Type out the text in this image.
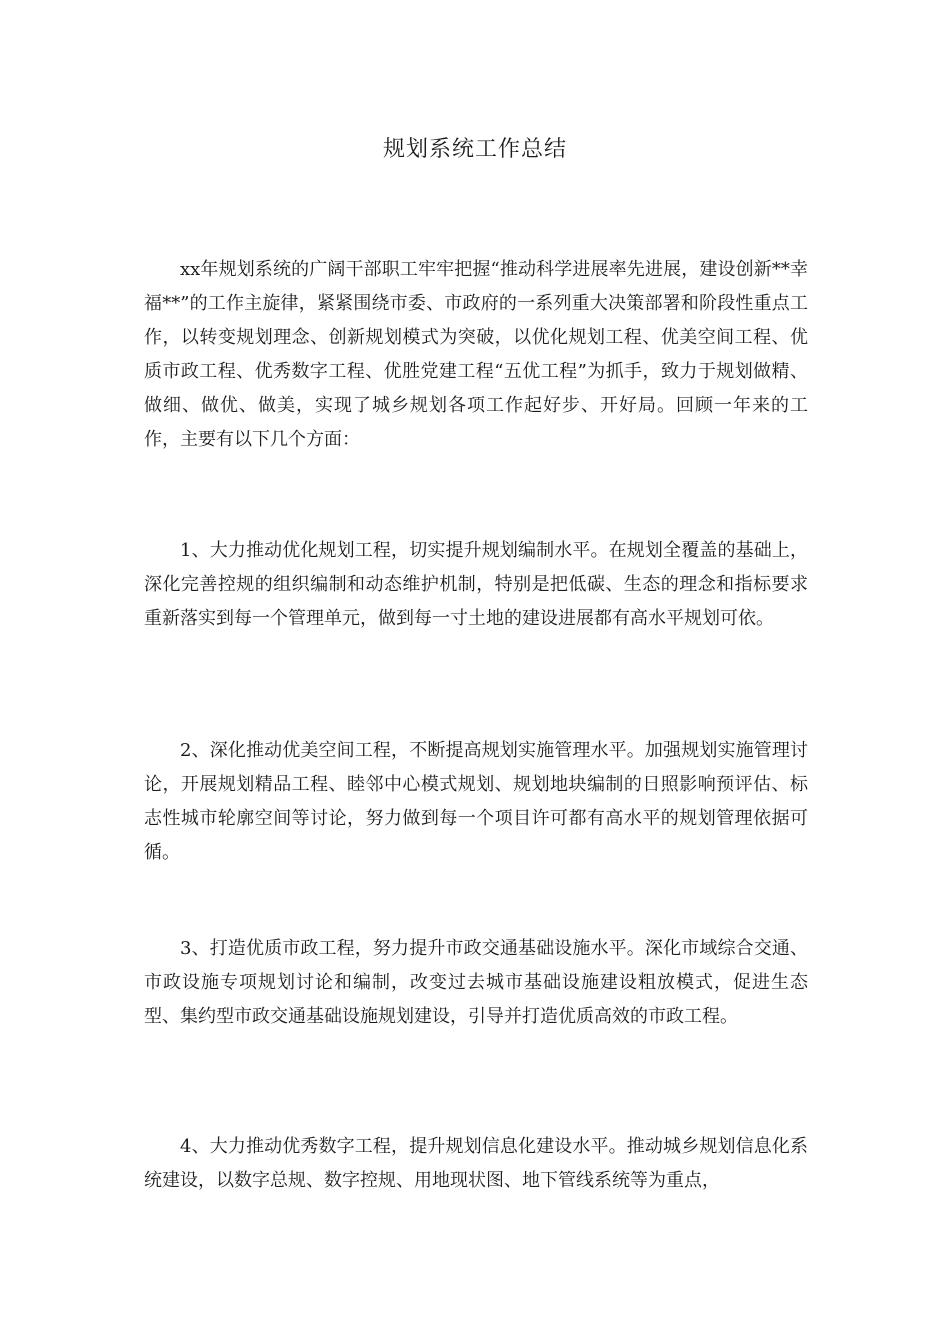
规划系统工作总结

xx年规划系统的广阔干部职工牢牢把握“推动科学进展率先进展，建设创新**幸福**”的工作主旋律，紧紧围绕市委、市政府的一系列重大决策部署和阶段性重点工作，以转变规划理念、创新规划模式为突破，以优化规划工程、优美空间工程、优质市政工程、优秀数字工程、优胜党建工程“五优工程”为抓手，致力于规划做精、做细、做优、做美，实现了城乡规划各项工作起好步、开好局。回顾一年来的工作，主要有以下几个方面：

1、大力推动优化规划工程，切实提升规划编制水平。在规划全覆盖的基础上，深化完善控规的组织编制和动态维护机制，特别是把低碳、生态的理念和指标要求重新落实到每一个管理单元，做到每一寸土地的建设进展都有高水平规划可依。

2、深化推动优美空间工程，不断提高规划实施管理水平。加强规划实施管理讨论，开展规划精品工程、睦邻中心模式规划、规划地块编制的日照影响预评估、标志性城市轮廓空间等讨论，努力做到每一个项目许可都有高水平的规划管理依据可循。

3、打造优质市政工程，努力提升市政交通基础设施水平。深化市域综合交通、市政设施专项规划讨论和编制，改变过去城市基础设施建设粗放模式，促进生态型、集约型市政交通基础设施规划建设，引导并打造优质高效的市政工程。

4、大力推动优秀数字工程，提升规划信息化建设水平。推动城乡规划信息化系统建设，以数字总规、数字控规、用地现状图、地下管线系统等为重点，
